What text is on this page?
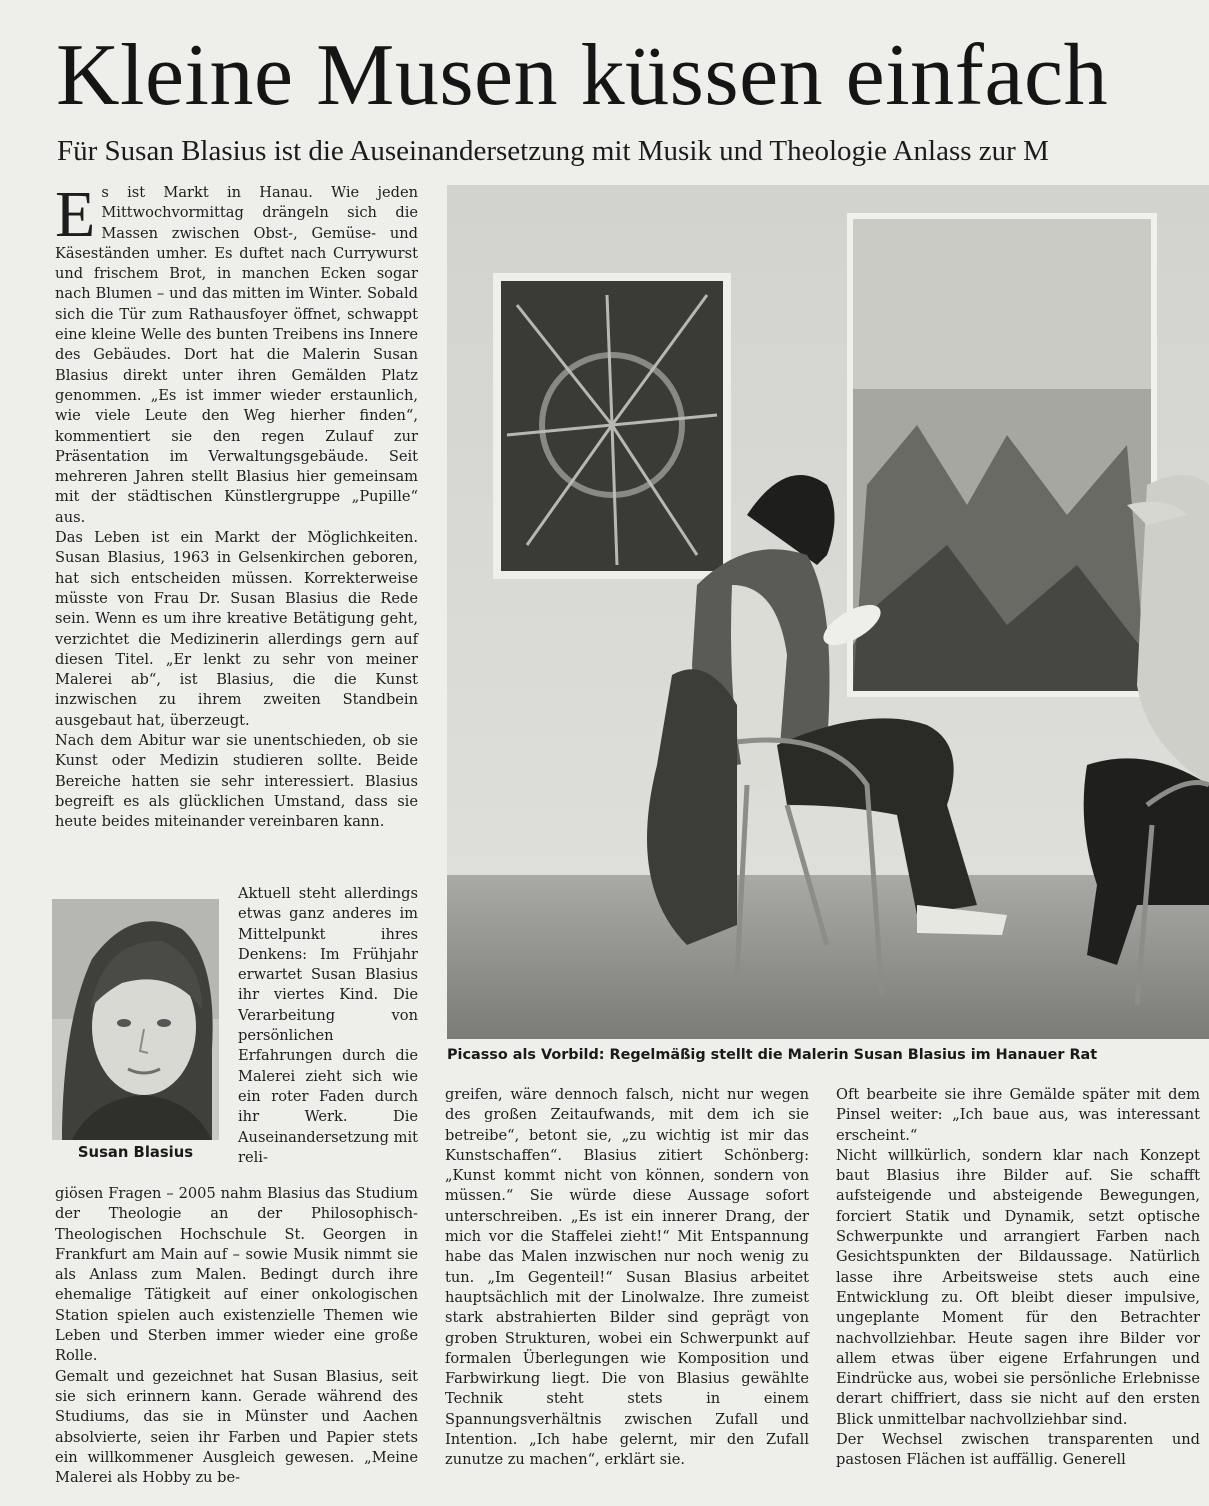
Kleine Musen küssen einfach
Für Susan Blasius ist die Auseinandersetzung mit Musik und Theologie Anlass zur M

Es ist Markt in Hanau. Wie jeden Mittwochvormittag drängeln sich die Massen zwischen Obst-, Gemüse- und Käseständen umher. Es duftet nach Currywurst und frischem Brot, in manchen Ecken sogar nach Blumen – und das mitten im Winter. Sobald sich die Tür zum Rathausfoyer öffnet, schwappt eine kleine Welle des bunten Treibens ins Innere des Gebäudes. Dort hat die Malerin Susan Blasius direkt unter ihren Gemälden Platz genommen. „Es ist immer wieder erstaunlich, wie viele Leute den Weg hierher finden“, kommentiert sie den regen Zulauf zur Präsentation im Verwaltungsgebäude. Seit mehreren Jahren stellt Blasius hier gemeinsam mit der städtischen Künstlergruppe „Pupille“ aus.

Das Leben ist ein Markt der Möglichkeiten. Susan Blasius, 1963 in Gelsenkirchen geboren, hat sich entscheiden müssen. Korrekterweise müsste von Frau Dr. Susan Blasius die Rede sein. Wenn es um ihre kreative Betätigung geht, verzichtet die Medizinerin allerdings gern auf diesen Titel. „Er lenkt zu sehr von meiner Malerei ab“, ist Blasius, die die Kunst inzwischen zu ihrem zweiten Standbein ausgebaut hat, überzeugt.

Nach dem Abitur war sie unentschieden, ob sie Kunst oder Medizin studieren sollte. Beide Bereiche hatten sie sehr interessiert. Blasius begreift es als glücklichen Umstand, dass sie heute beides miteinander vereinbaren kann.

Aktuell steht allerdings etwas ganz anderes im Mittelpunkt ihres Denkens: Im Frühjahr erwartet Susan Blasius ihr viertes Kind. Die Verarbeitung von persönlichen Erfahrungen durch die Malerei zieht sich wie ein roter Faden durch ihr Werk. Die Auseinandersetzung mit reli-

Susan Blasius

giösen Fragen – 2005 nahm Blasius das Studium der Theologie an der Philosophisch-Theologischen Hochschule St. Georgen in Frankfurt am Main auf – sowie Musik nimmt sie als Anlass zum Malen. Bedingt durch ihre ehemalige Tätigkeit auf einer onkologischen Station spielen auch existenzielle Themen wie Leben und Sterben immer wieder eine große Rolle.

Gemalt und gezeichnet hat Susan Blasius, seit sie sich erinnern kann. Gerade während des Studiums, das sie in Münster und Aachen absolvierte, seien ihr Farben und Papier stets ein willkommener Ausgleich gewesen. „Meine Malerei als Hobby zu be-

Picasso als Vorbild: Regelmäßig stellt die Malerin Susan Blasius im Hanauer Rat

greifen, wäre dennoch falsch, nicht nur wegen des großen Zeitaufwands, mit dem ich sie betreibe“, betont sie, „zu wichtig ist mir das Kunstschaffen“. Blasius zitiert Schönberg: „Kunst kommt nicht von können, sondern von müssen.“ Sie würde diese Aussage sofort unterschreiben. „Es ist ein innerer Drang, der mich vor die Staffelei zieht!“ Mit Entspannung habe das Malen inzwischen nur noch wenig zu tun. „Im Gegenteil!“ Susan Blasius arbeitet hauptsächlich mit der Linolwalze. Ihre zumeist stark abstrahierten Bilder sind geprägt von groben Strukturen, wobei ein Schwerpunkt auf formalen Überlegungen wie Komposition und Farbwirkung liegt. Die von Blasius gewählte Technik steht stets in einem Spannungsverhältnis zwischen Zufall und Intention. „Ich habe gelernt, mir den Zufall zunutze zu machen“, erklärt sie.

Oft bearbeite sie ihre Gemälde später mit dem Pinsel weiter: „Ich baue aus, was interessant erscheint.“

Nicht willkürlich, sondern klar nach Konzept baut Blasius ihre Bilder auf. Sie schafft aufsteigende und absteigende Bewegungen, forciert Statik und Dynamik, setzt optische Schwerpunkte und arrangiert Farben nach Gesichtspunkten der Bildaussage. Natürlich lasse ihre Arbeitsweise stets auch eine Entwicklung zu. Oft bleibt dieser impulsive, ungeplante Moment für den Betrachter nachvollziehbar. Heute sagen ihre Bilder vor allem etwas über eigene Erfahrungen und Eindrücke aus, wobei sie persönliche Erlebnisse derart chiffriert, dass sie nicht auf den ersten Blick unmittelbar nachvollziehbar sind.

Der Wechsel zwischen transparenten und pastosen Flächen ist auffällig. Generell
